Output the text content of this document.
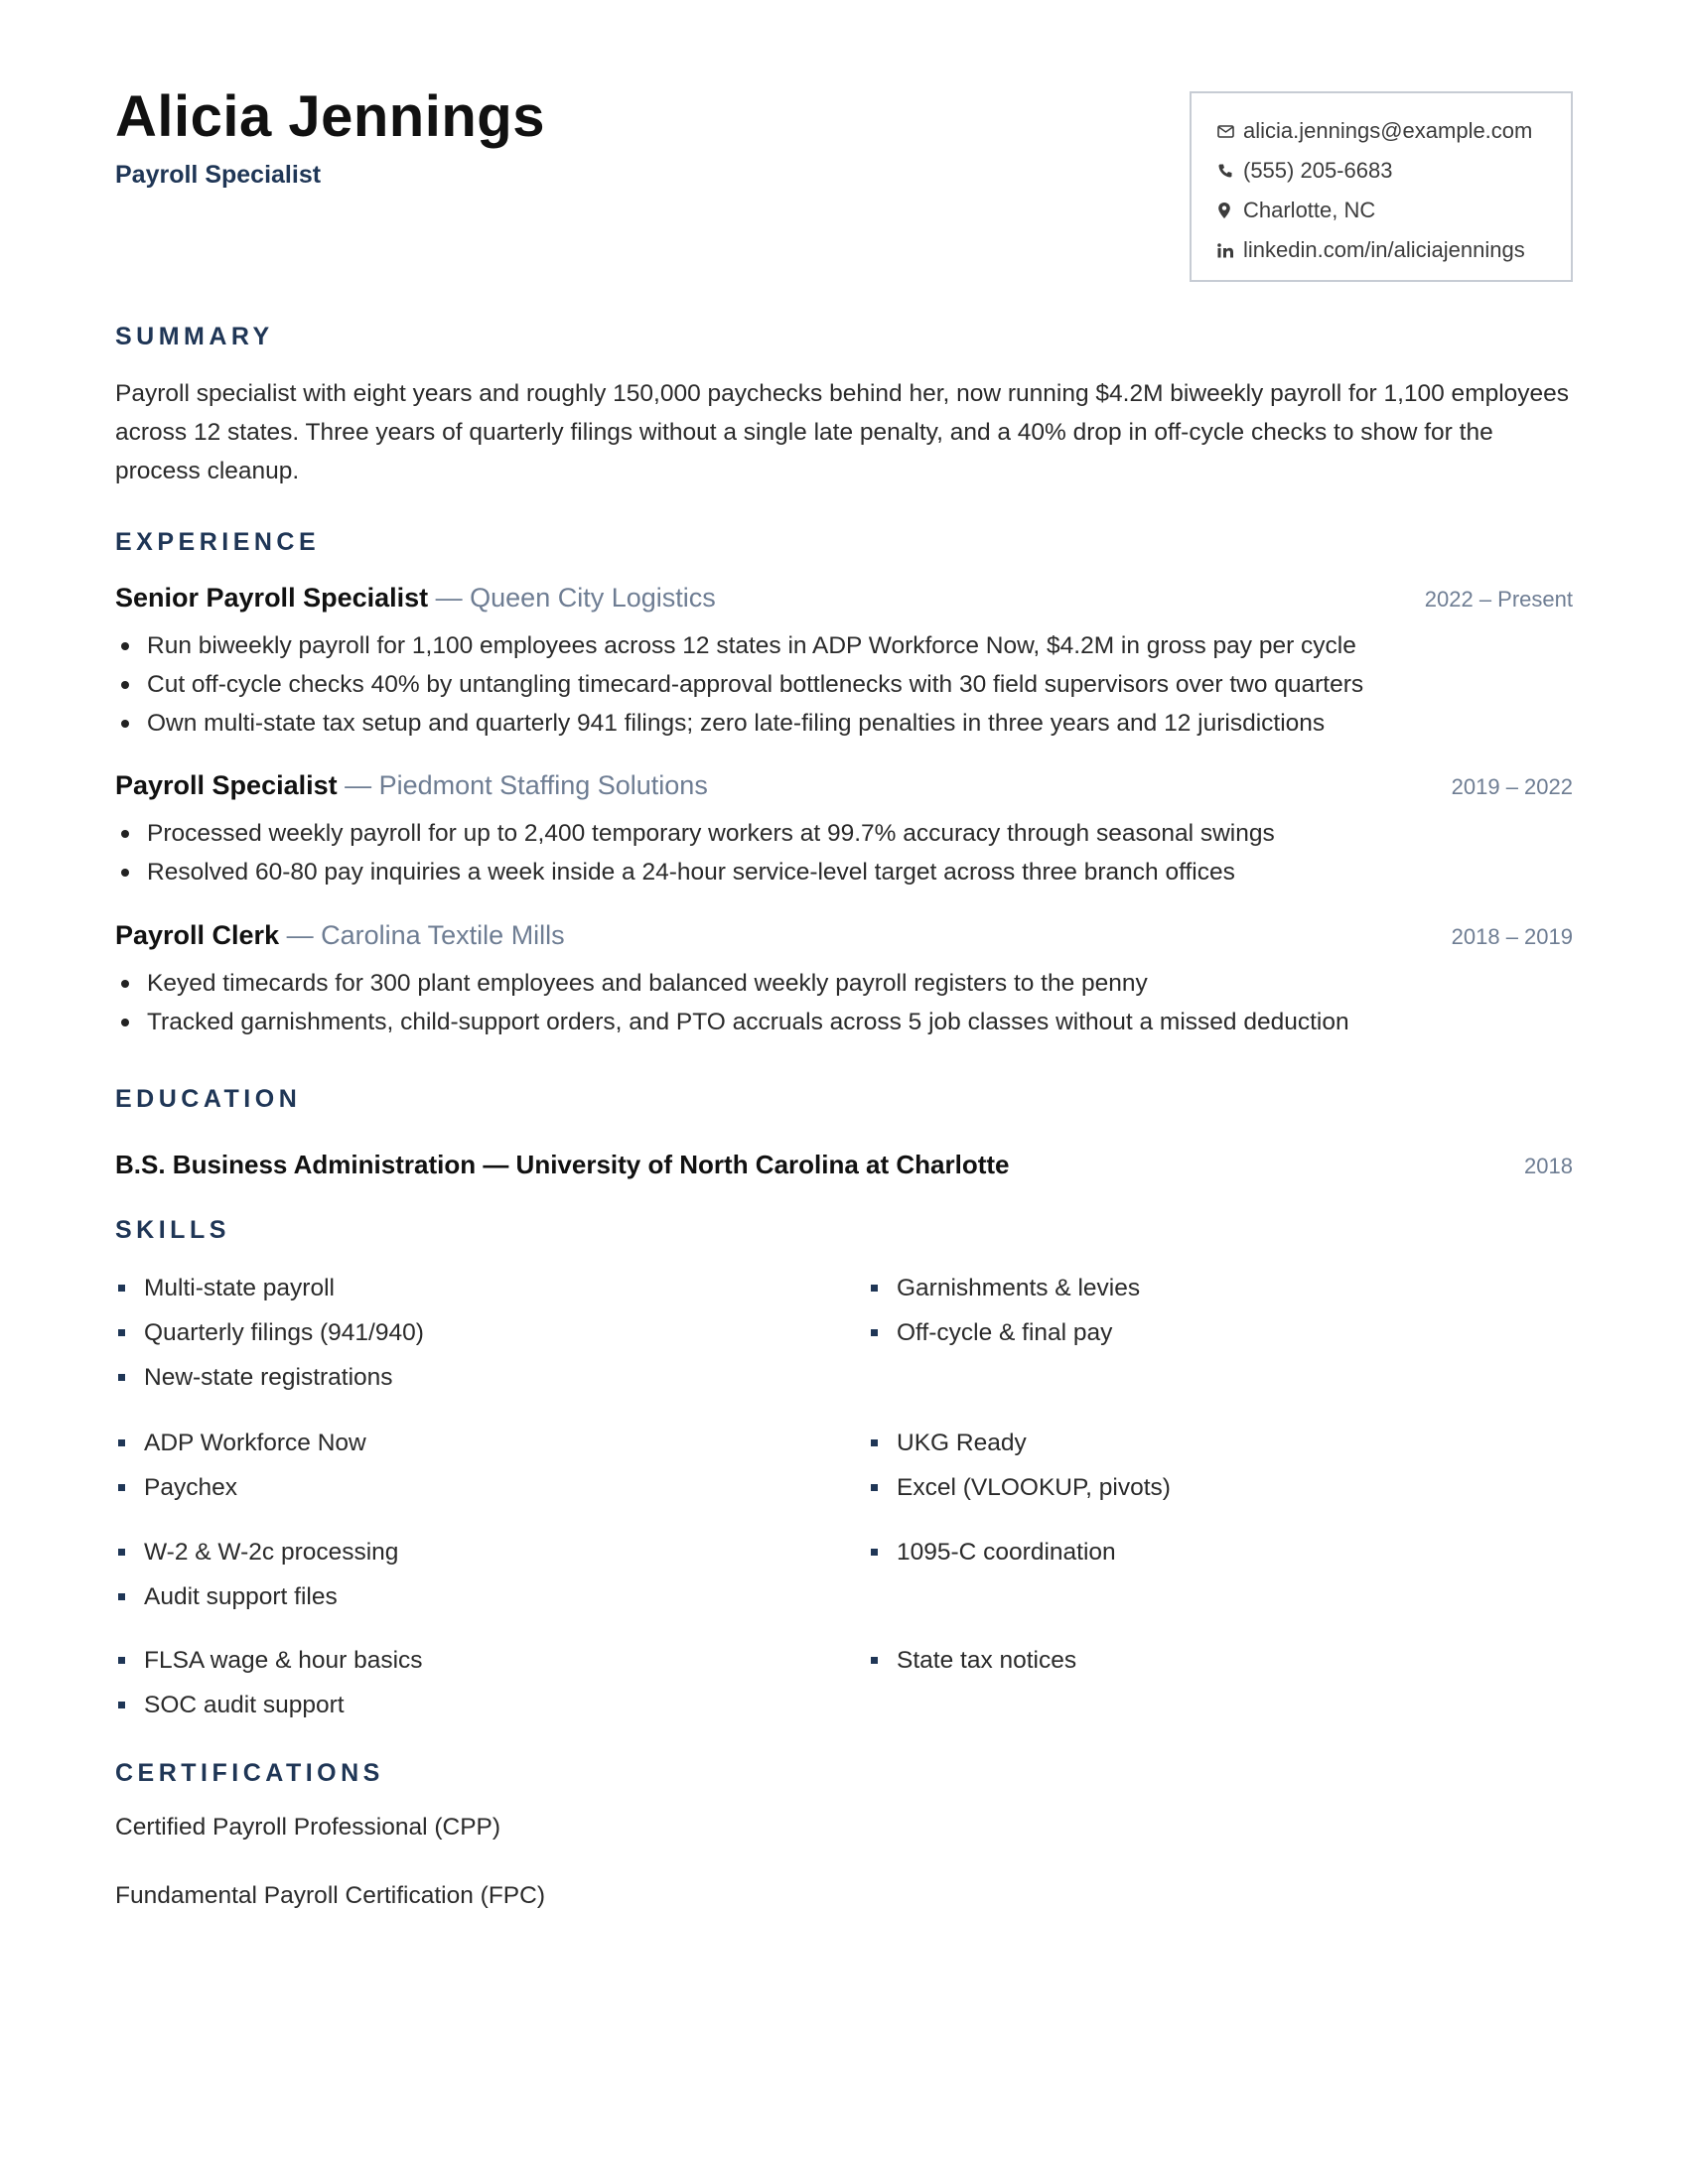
Alicia Jennings
Payroll Specialist
alicia.jennings@example.com
(555) 205-6683
Charlotte, NC
linkedin.com/in/aliciajennings
SUMMARY
Payroll specialist with eight years and roughly 150,000 paychecks behind her, now running $4.2M biweekly payroll for 1,100 employees across 12 states. Three years of quarterly filings without a single late penalty, and a 40% drop in off-cycle checks to show for the process cleanup.
EXPERIENCE
Senior Payroll Specialist — Queen City Logistics	2022 – Present
Run biweekly payroll for 1,100 employees across 12 states in ADP Workforce Now, $4.2M in gross pay per cycle
Cut off-cycle checks 40% by untangling timecard-approval bottlenecks with 30 field supervisors over two quarters
Own multi-state tax setup and quarterly 941 filings; zero late-filing penalties in three years and 12 jurisdictions
Payroll Specialist — Piedmont Staffing Solutions	2019 – 2022
Processed weekly payroll for up to 2,400 temporary workers at 99.7% accuracy through seasonal swings
Resolved 60-80 pay inquiries a week inside a 24-hour service-level target across three branch offices
Payroll Clerk — Carolina Textile Mills	2018 – 2019
Keyed timecards for 300 plant employees and balanced weekly payroll registers to the penny
Tracked garnishments, child-support orders, and PTO accruals across 5 job classes without a missed deduction
EDUCATION
B.S. Business Administration — University of North Carolina at Charlotte	2018
SKILLS
Multi-state payroll
Quarterly filings (941/940)
New-state registrations
Garnishments & levies
Off-cycle & final pay
ADP Workforce Now
Paychex
UKG Ready
Excel (VLOOKUP, pivots)
W-2 & W-2c processing
Audit support files
1095-C coordination
FLSA wage & hour basics
SOC audit support
State tax notices
CERTIFICATIONS
Certified Payroll Professional (CPP)
Fundamental Payroll Certification (FPC)
